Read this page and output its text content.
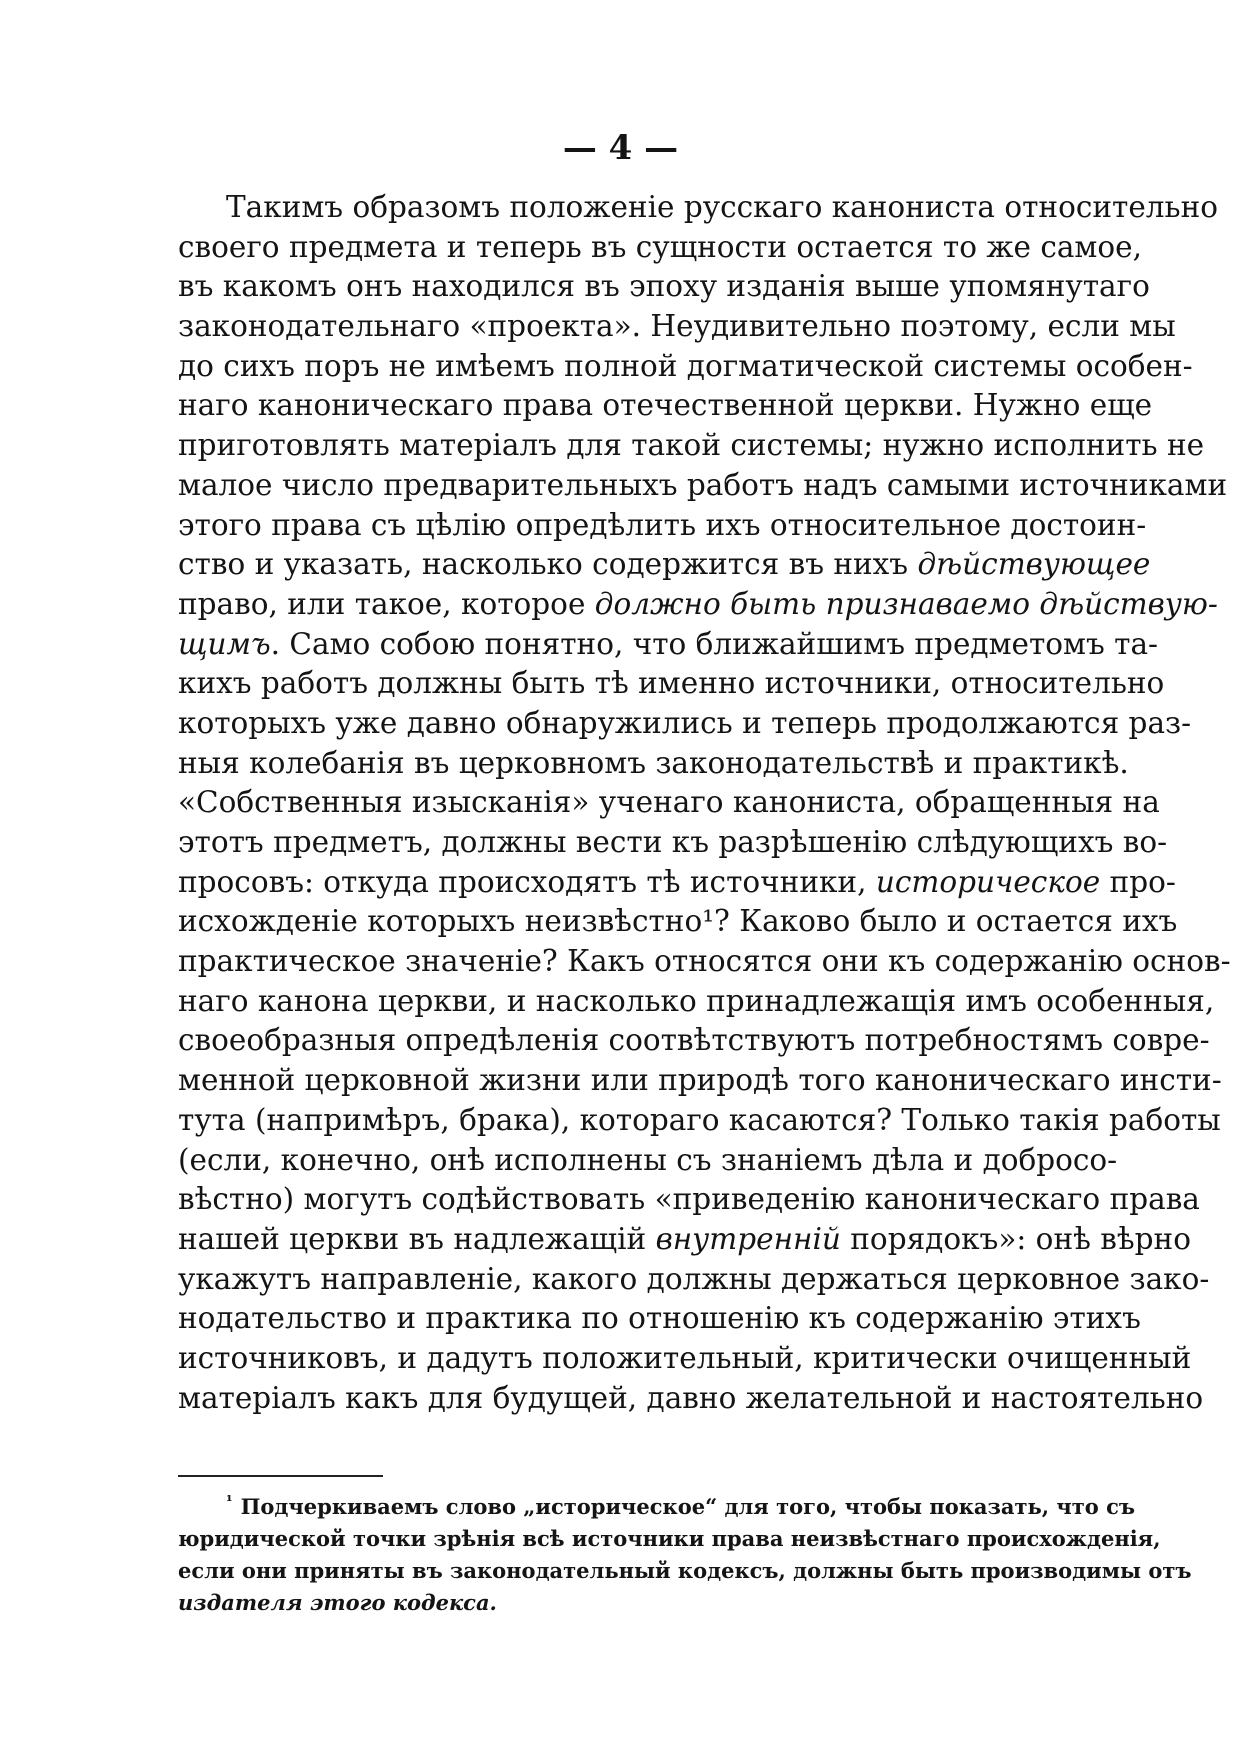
— 4 —
Такимъ образомъ положенiе русскаго канониста относительно
своего предмета и теперь въ сущности остается то же самое,
въ какомъ онъ находился въ эпоху изданiя выше упомянутаго
законодательнаго «проекта». Неудивительно поэтому, если мы
до сихъ поръ не имѣемъ полной догматической системы особен-
наго каноническаго права отечественной церкви. Нужно еще
приготовлять матерiалъ для такой системы; нужно исполнить не
малое число предварительныхъ работъ надъ самыми источниками
этого права съ цѣлiю опредѣлить ихъ относительное достоин-
ство и указать, насколько содержится въ нихъ дѣйствующее
право, или такое, которое должно быть признаваемо дѣйствую-
щимъ. Само собою понятно, что ближайшимъ предметомъ та-
кихъ работъ должны быть тѣ именно источники, относительно
которыхъ уже давно обнаружились и теперь продолжаются раз-
ныя колебанiя въ церковномъ законодательствѣ и практикѣ.
«Собственныя изысканiя» ученаго канониста, обращенныя на
этотъ предметъ, должны вести къ разрѣшенiю слѣдующихъ во-
просовъ: откуда происходятъ тѣ источники, историческое про-
исхожденiе которыхъ неизвѣстно¹? Каково было и остается ихъ
практическое значенiе? Какъ относятся они къ содержанiю основ-
наго канона церкви, и насколько принадлежащiя имъ особенныя,
своеобразныя опредѣленiя соотвѣтствуютъ потребностямъ совре-
менной церковной жизни или природѣ того каноническаго инсти-
тута (напримѣръ, брака), котораго касаются? Только такiя работы
(если, конечно, онѣ исполнены съ знанiемъ дѣла и добросо-
вѣстно) могутъ содѣйствовать «приведенiю каноническаго права
нашей церкви въ надлежащiй внутреннiй порядокъ»: онѣ вѣрно
укажутъ направленiе, какого должны держаться церковное зако-
нодательство и практика по отношенiю къ содержанiю этихъ
источниковъ, и дадутъ положительный, критически очищенный
матерiалъ какъ для будущей, давно желательной и настоятельно
$^{^1}$ Подчеркиваемъ слово „историческое“ для того, чтобы показать, что съ
юридической точки зрѣнiя всѣ источники права неизвѣстнаго происхожденiя,
если они приняты въ законодательный кодексъ, должны быть производимы отъ
издателя этого кодекса.
